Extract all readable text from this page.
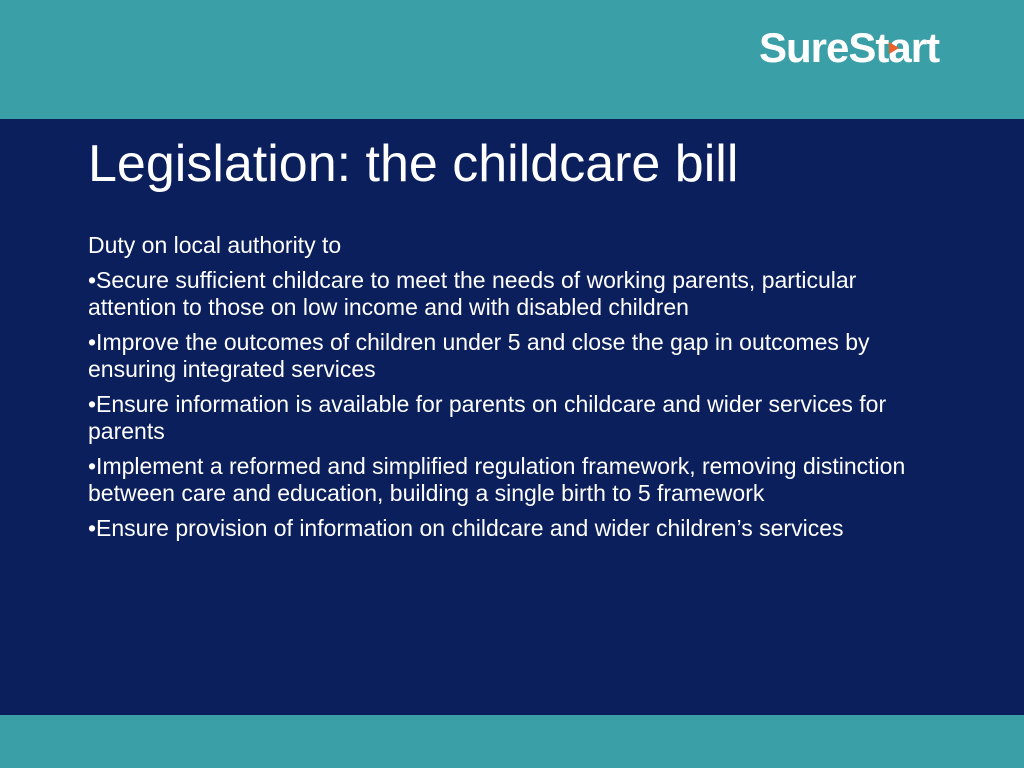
SureStart
Legislation: the childcare bill

Duty on local authority to

•Secure sufficient childcare to meet the needs of working parents, particular attention to those on low income and with disabled children

•Improve the outcomes of children under 5 and close the gap in outcomes by ensuring integrated services

•Ensure information is available for parents on childcare and wider services for parents

•Implement a reformed and simplified regulation framework, removing distinction between care and education, building a single birth to 5 framework

•Ensure provision of information on childcare and wider children’s services
